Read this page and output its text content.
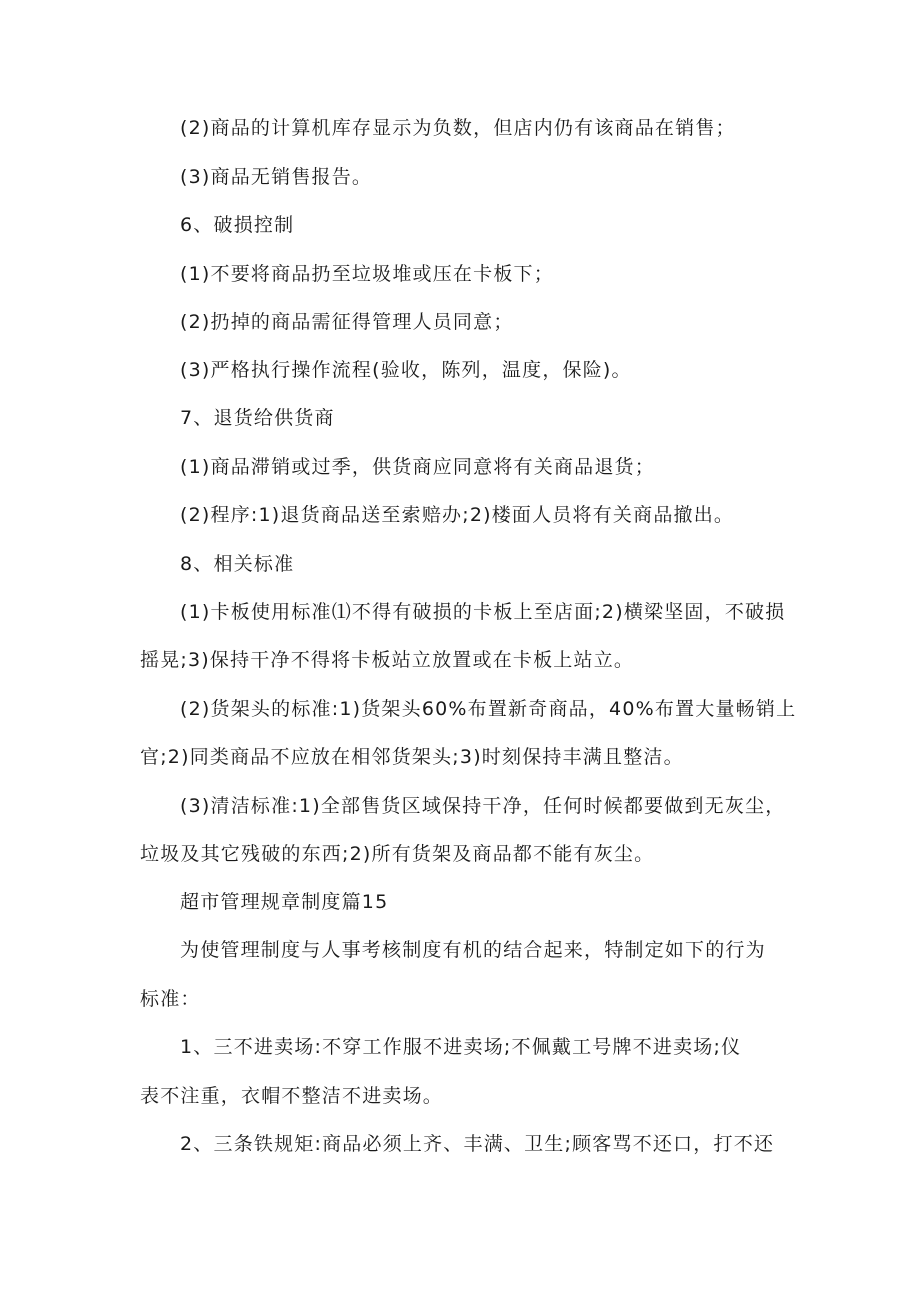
(2)商品的计算机库存显示为负数，但店内仍有该商品在销售；
(3)商品无销售报告。
6、破损控制
(1)不要将商品扔至垃圾堆或压在卡板下；
(2)扔掉的商品需征得管理人员同意；
(3)严格执行操作流程(验收，陈列，温度，保险)。
7、退货给供货商
(1)商品滞销或过季，供货商应同意将有关商品退货；
(2)程序:1)退货商品送至索赔办;2)楼面人员将有关商品撤出。
8、相关标准
(1)卡板使用标准⑴不得有破损的卡板上至店面;2)横梁坚固，不破损
摇晃;3)保持干净不得将卡板站立放置或在卡板上站立。
(2)货架头的标准:1)货架头60%布置新奇商品，40%布置大量畅销上
官;2)同类商品不应放在相邻货架头;3)时刻保持丰满且整洁。
(3)清洁标准:1)全部售货区域保持干净，任何时候都要做到无灰尘，
垃圾及其它残破的东西;2)所有货架及商品都不能有灰尘。
超市管理规章制度篇15
为使管理制度与人事考核制度有机的结合起来，特制定如下的行为
标准：
1、三不进卖场:不穿工作服不进卖场;不佩戴工号牌不进卖场;仪
表不注重，衣帽不整洁不进卖场。
2、三条铁规矩:商品必须上齐、丰满、卫生;顾客骂不还口，打不还
